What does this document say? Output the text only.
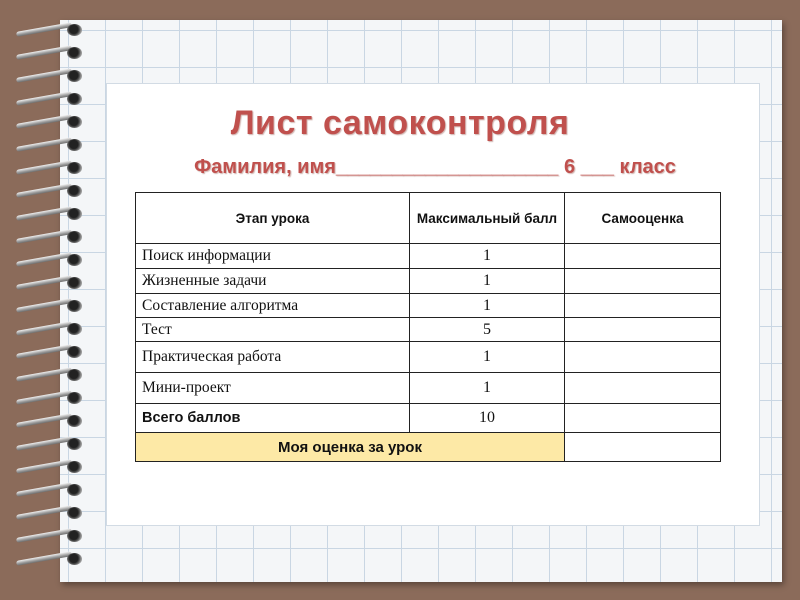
Лист самоконтроля
Фамилия, имя____________________ 6 ___ класс
Этап урока	Максимальный балл	Самооценка
Поиск информации	1	
Жизненные задачи	1	
Составление алгоритма	1	
Тест	5	
Практическая работа	1	
Мини-проект	1	
Всего баллов	10	
Моя оценка за урок		
